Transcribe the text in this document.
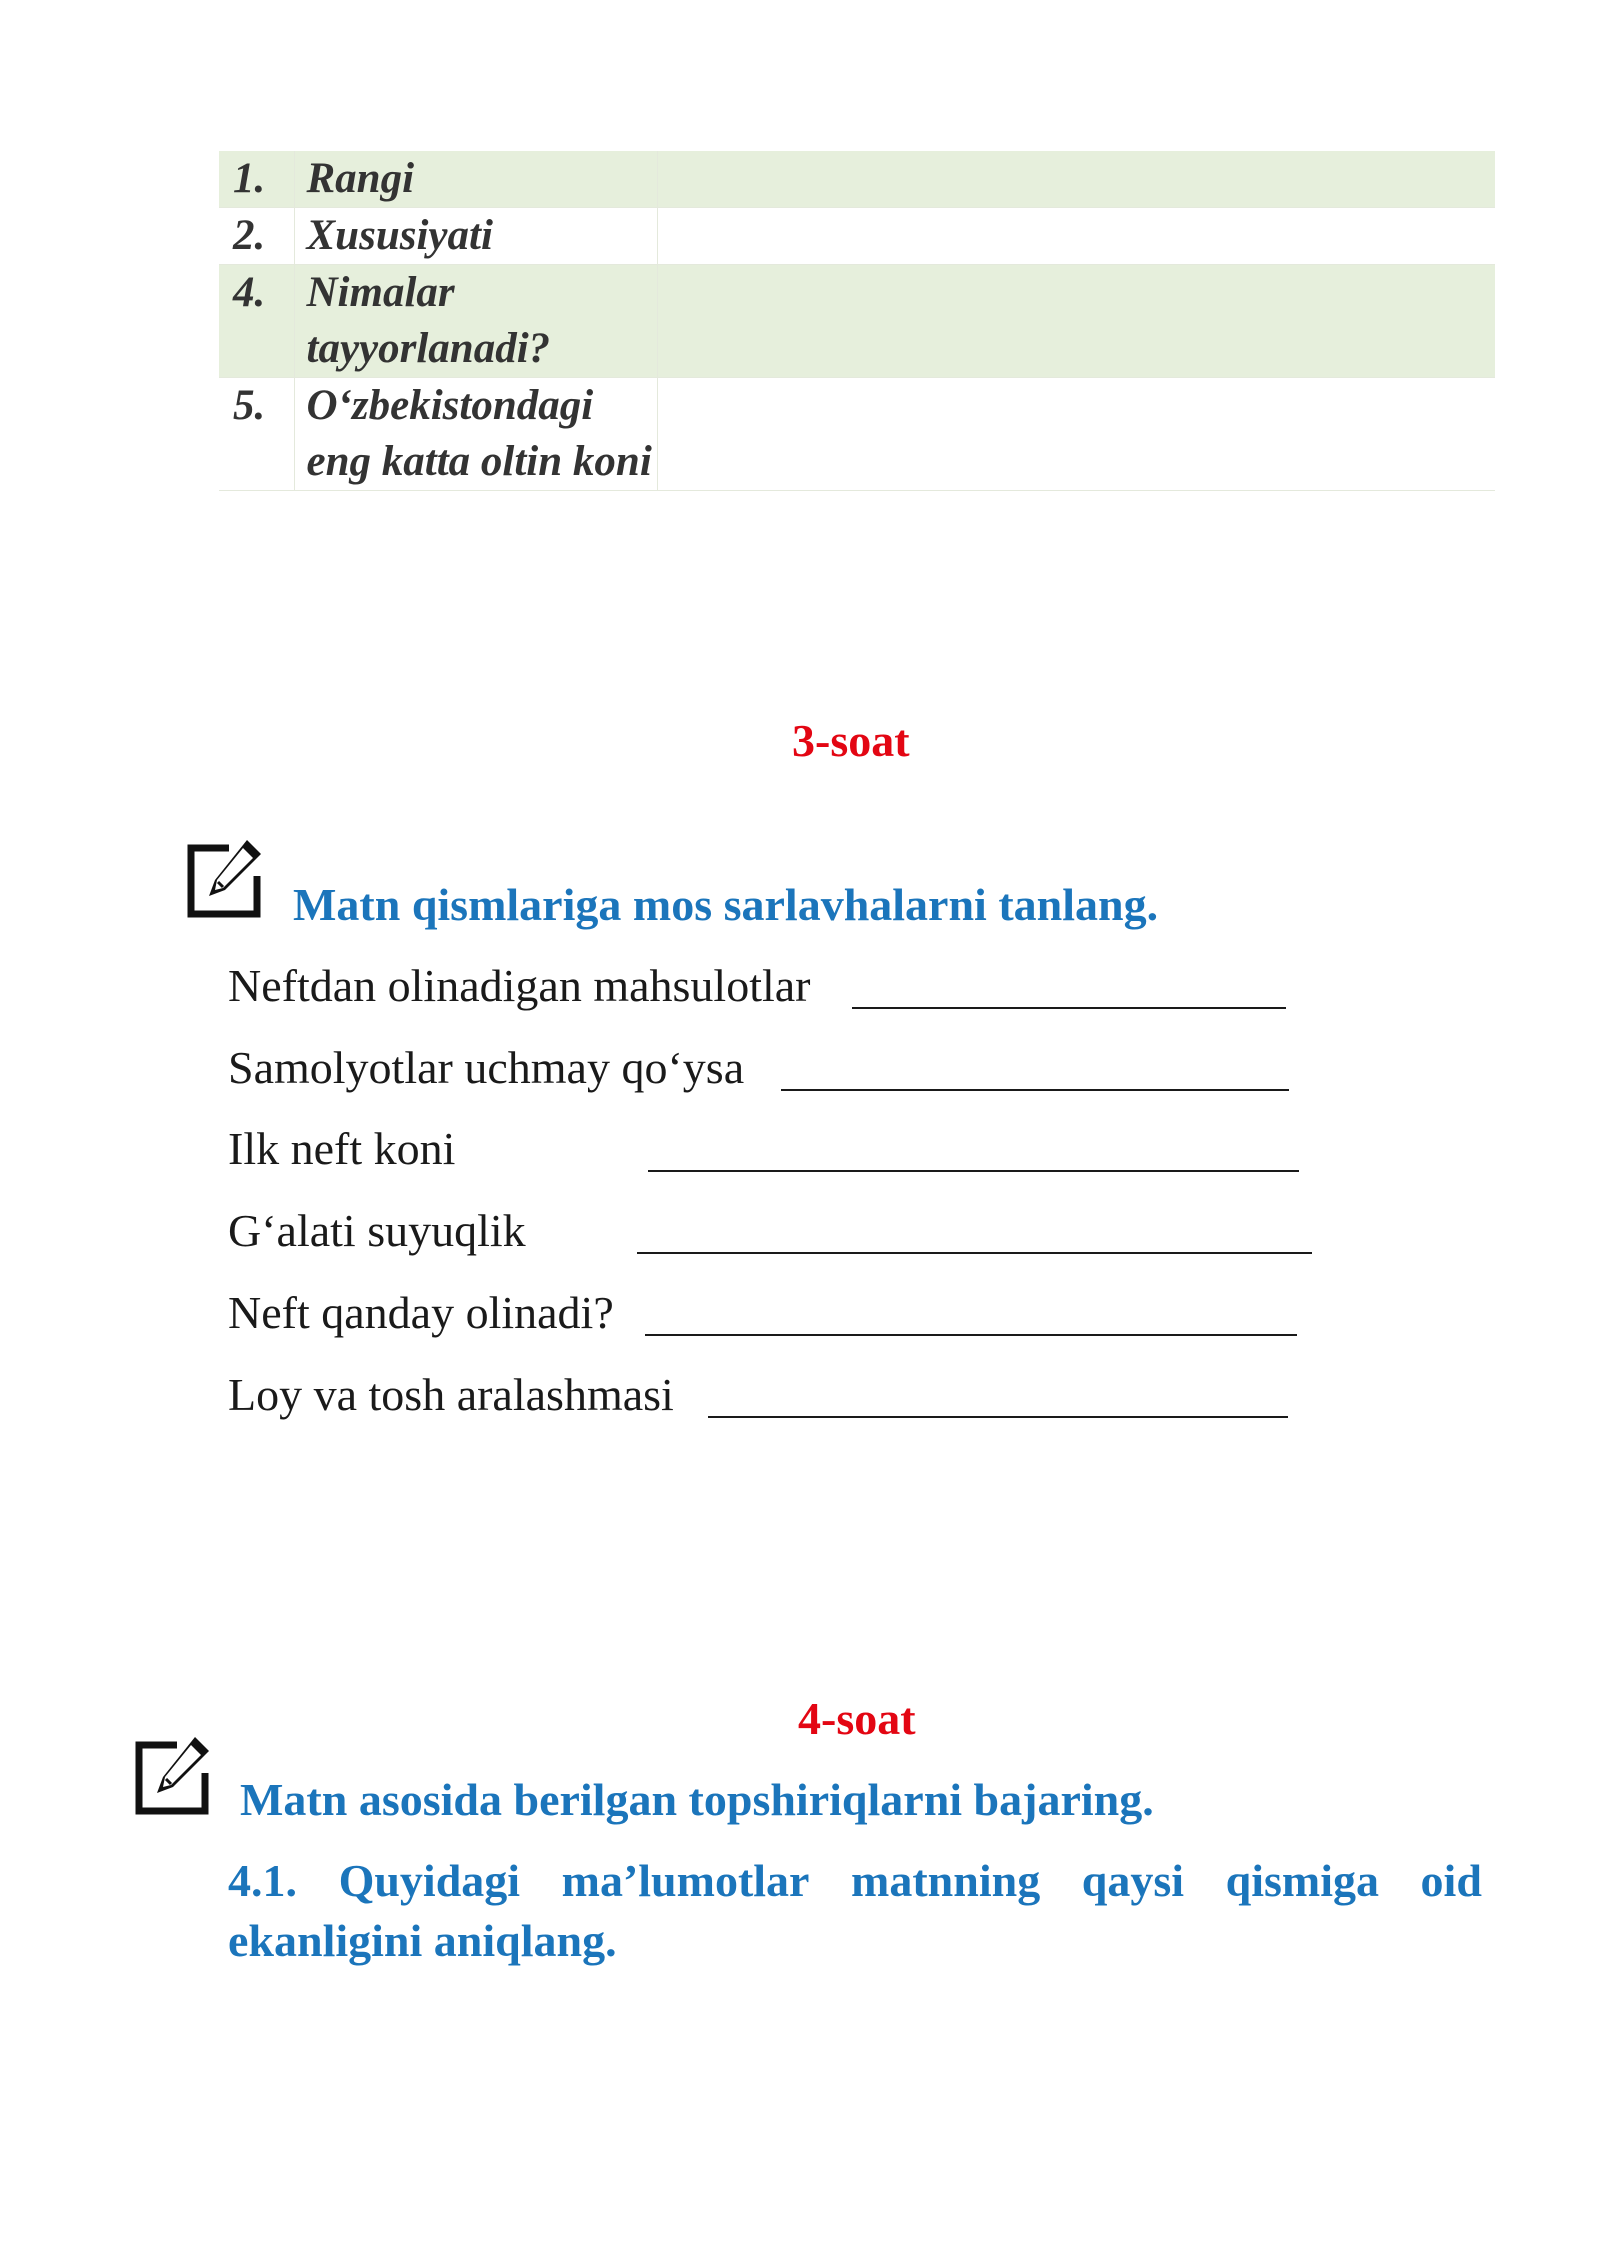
1.	Rangi	
2.	Xususiyati	
4.	Nimalar tayyorlanadi?	
5.	O‘zbekistondagi eng katta oltin koni	
3-soat
Matn qismlariga mos sarlavhalarni tanlang.
Neftdan olinadigan mahsulotlar
Samolyotlar uchmay qo‘ysa
Ilk neft koni
G‘alati suyuqlik
Neft qanday olinadi?
Loy va tosh aralashmasi
4-soat
Matn asosida berilgan topshiriqlarni bajaring.
4.1. Quyidagi ma’lumotlar matnning qaysi qismiga oid
ekanligini aniqlang.
